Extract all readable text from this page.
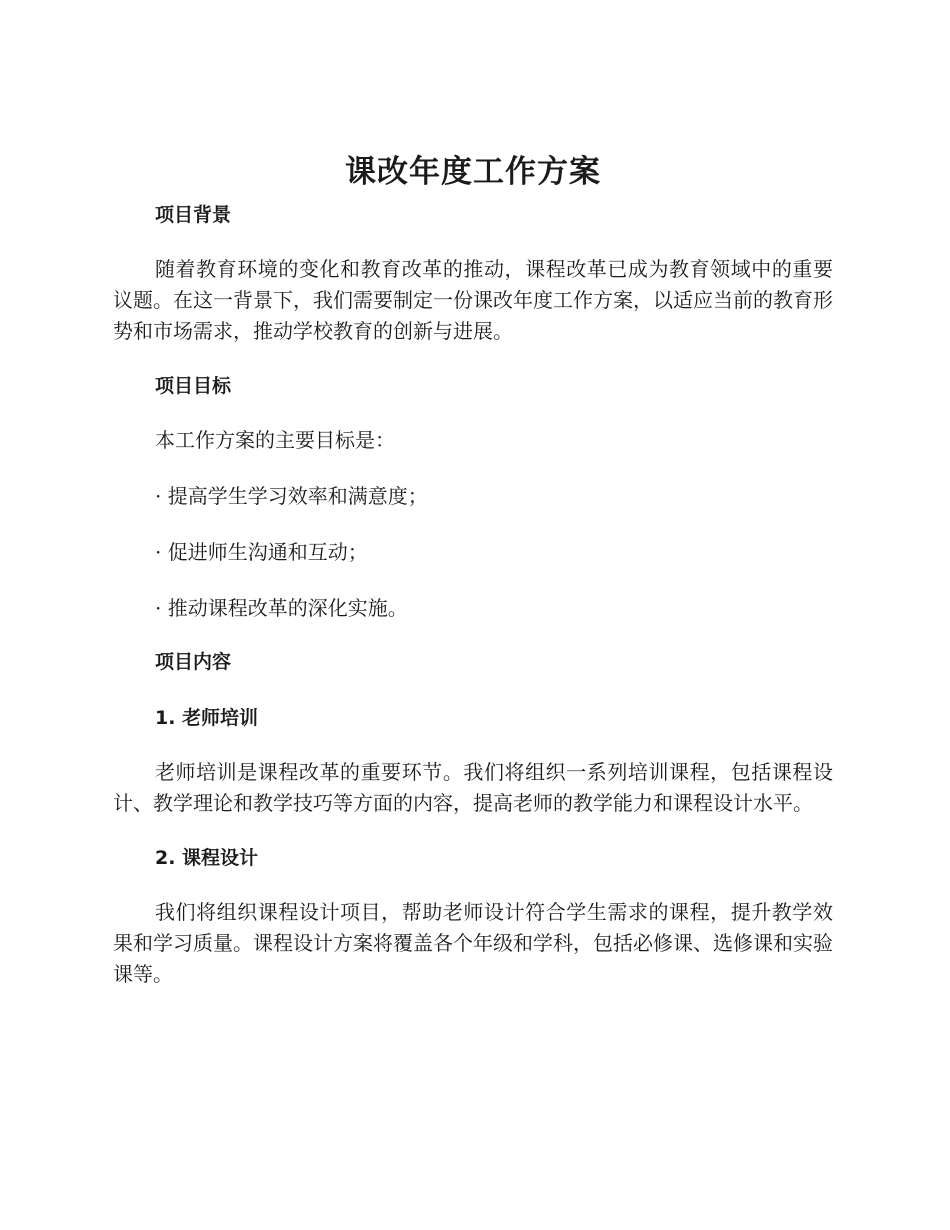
课改年度工作方案
项目背景

随着教育环境的变化和教育改革的推动，课程改革已成为教育领域中的重要议题。在这一背景下，我们需要制定一份课改年度工作方案，以适应当前的教育形势和市场需求，推动学校教育的创新与进展。

项目目标

本工作方案的主要目标是：

· 提高学生学习效率和满意度；

· 促进师生沟通和互动；

· 推动课程改革的深化实施。

项目内容
1. 老师培训

老师培训是课程改革的重要环节。我们将组织一系列培训课程，包括课程设计、教学理论和教学技巧等方面的内容，提高老师的教学能力和课程设计水平。

2. 课程设计

我们将组织课程设计项目，帮助老师设计符合学生需求的课程，提升教学效果和学习质量。课程设计方案将覆盖各个年级和学科，包括必修课、选修课和实验课等。
